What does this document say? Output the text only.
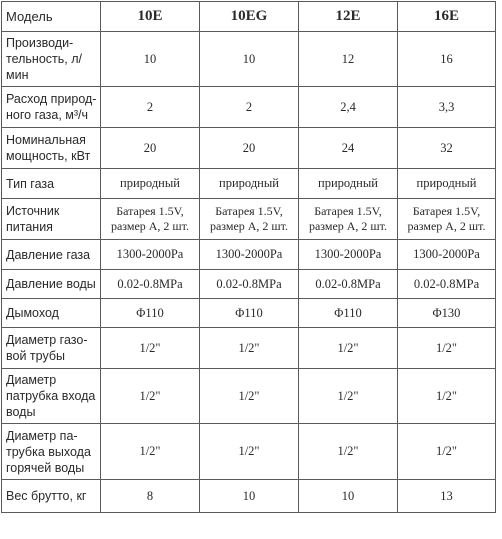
Модель	10E	10EG	12E	16E
Производи-
тельность, л/
мин	10	10	12	16
Расход природ-
ного газа, м³/ч	2	2	2,4	3,3
Номинальная
мощность, кВт	20	20	24	32
Тип газа	природный	природный	природный	природный
Источник
питания	Батарея 1.5V, размер А, 2 шт.	Батарея 1.5V, размер А, 2 шт.	Батарея 1.5V, размер А, 2 шт.	Батарея 1.5V, размер А, 2 шт.
Давление газа	1300-2000Pa	1300-2000Pa	1300-2000Pa	1300-2000Pa
Давление воды	0.02-0.8MPa	0.02-0.8MPa	0.02-0.8MPa	0.02-0.8MPa
Дымоход	Φ110	Φ110	Φ110	Φ130
Диаметр газо-
вой трубы	1/2"	1/2"	1/2"	1/2"
Диаметр
патрубка входа
воды	1/2"	1/2"	1/2"	1/2"
Диаметр па-
трубка выхода
горячей воды	1/2"	1/2"	1/2"	1/2"
Вес брутто, кг	8	10	10	13
